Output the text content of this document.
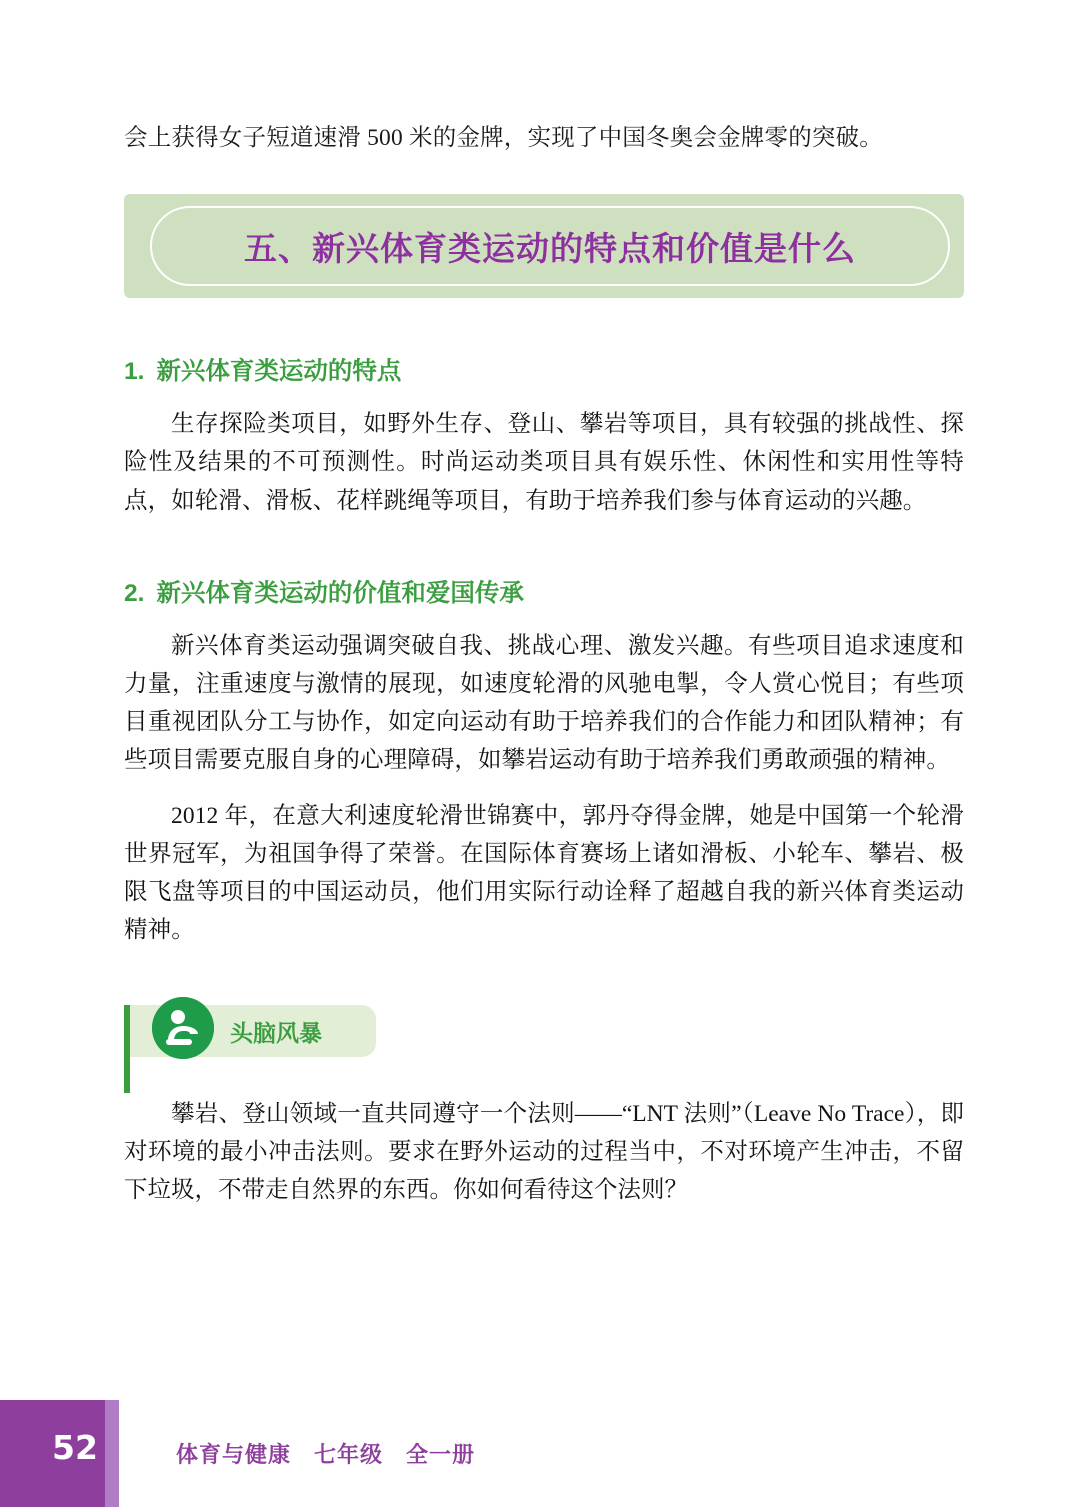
会上获得女子短道速滑 500 米的金牌，实现了中国冬奥会金牌零的突破。
五、新兴体育类运动的特点和价值是什么
1. 新兴体育类运动的特点

生存探险类项目，如野外生存、登山、攀岩等项目，具有较强的挑战性、探险性及结果的不可预测性。时尚运动类项目具有娱乐性、休闲性和实用性等特点，如轮滑、滑板、花样跳绳等项目，有助于培养我们参与体育运动的兴趣。

2. 新兴体育类运动的价值和爱国传承

新兴体育类运动强调突破自我、挑战心理、激发兴趣。有些项目追求速度和力量，注重速度与激情的展现，如速度轮滑的风驰电掣，令人赏心悦目；有些项目重视团队分工与协作，如定向运动有助于培养我们的合作能力和团队精神；有些项目需要克服自身的心理障碍，如攀岩运动有助于培养我们勇敢顽强的精神。

2012 年，在意大利速度轮滑世锦赛中，郭丹夺得金牌，她是中国第一个轮滑世界冠军，为祖国争得了荣誉。在国际体育赛场上诸如滑板、小轮车、攀岩、极限飞盘等项目的中国运动员，他们用实际行动诠释了超越自我的新兴体育类运动精神。

头脑风暴

攀岩、登山领域一直共同遵守一个法则——“LNT 法则”（Leave No Trace），即对环境的最小冲击法则。要求在野外运动的过程当中，不对环境产生冲击，不留下垃圾，不带走自然界的东西。你如何看待这个法则？

52	体育与健康　七年级　全一册
